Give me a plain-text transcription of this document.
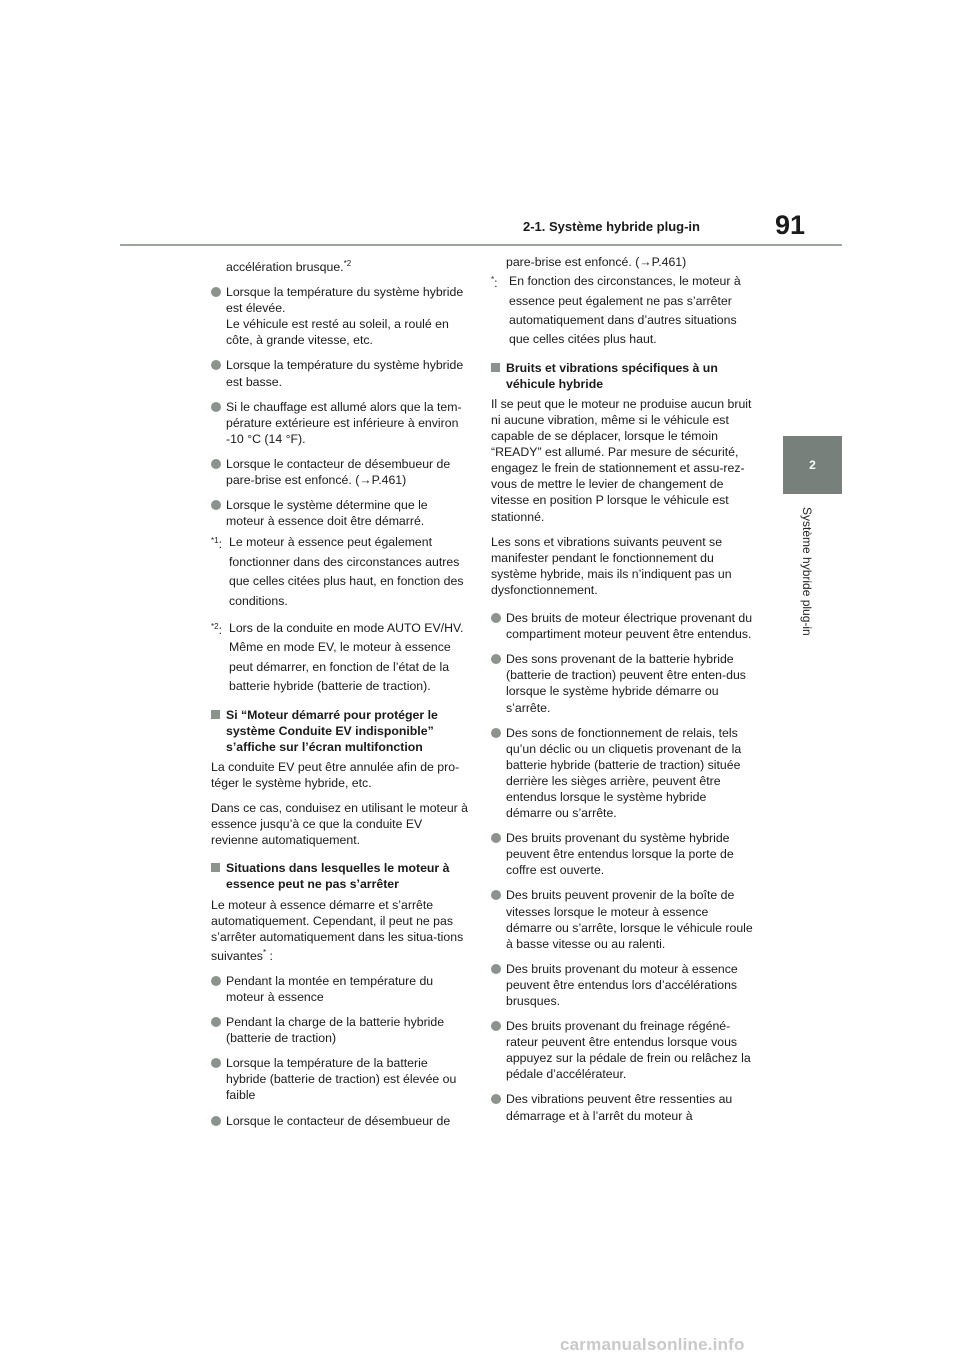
2-1. Système hybride plug-in	91
2
Système hybride plug-in

accélération brusque.$^{*2}$

Lorsque la température du système hybride est élevée.
Le véhicule est resté au soleil, a roulé en côte, à grande vitesse, etc.
Lorsque la température du système hybride est basse.
Si le chauffage est allumé alors que la tem-pérature extérieure est inférieure à environ -10 °C (14 °F).
Lorsque le contacteur de désembueur de pare-brise est enfoncé. (→P.461)
Lorsque le système détermine que le moteur à essence doit être démarré.
$^{*1}$: Le moteur à essence peut également fonctionner dans des circonstances autres que celles citées plus haut, en fonction des conditions.
$^{*2}$: Lors de la conduite en mode AUTO EV/HV. Même en mode EV, le moteur à essence peut démarrer, en fonction de l’état de la batterie hybride (batterie de traction).
Si “Moteur démarré pour protéger le système Conduite EV indisponible” s’affiche sur l’écran multifonction

La conduite EV peut être annulée afin de pro-téger le système hybride, etc.

Dans ce cas, conduisez en utilisant le moteur à essence jusqu’à ce que la conduite EV revienne automatiquement.

Situations dans lesquelles le moteur à essence peut ne pas s’arrêter

Le moteur à essence démarre et s’arrête automatiquement. Cependant, il peut ne pas s’arrêter automatiquement dans les situa-tions suivantes* :

Pendant la montée en température du moteur à essence
Pendant la charge de la batterie hybride (batterie de traction)
Lorsque la température de la batterie hybride (batterie de traction) est élevée ou faible
Lorsque le contacteur de désembueur de

pare-brise est enfoncé. (→P.461)

*: En fonction des circonstances, le moteur à essence peut également ne pas s’arrêter automatiquement dans d’autres situations que celles citées plus haut.
Bruits et vibrations spécifiques à un véhicule hybride

Il se peut que le moteur ne produise aucun bruit ni aucune vibration, même si le véhicule est capable de se déplacer, lorsque le témoin “READY” est allumé. Par mesure de sécurité, engagez le frein de stationnement et assu-rez-vous de mettre le levier de changement de vitesse en position P lorsque le véhicule est stationné.

Les sons et vibrations suivants peuvent se manifester pendant le fonctionnement du système hybride, mais ils n’indiquent pas un dysfonctionnement.

Des bruits de moteur électrique provenant du compartiment moteur peuvent être entendus.
Des sons provenant de la batterie hybride (batterie de traction) peuvent être enten-dus lorsque le système hybride démarre ou s’arrête.
Des sons de fonctionnement de relais, tels qu’un déclic ou un cliquetis provenant de la batterie hybride (batterie de traction) située derrière les sièges arrière, peuvent être entendus lorsque le système hybride démarre ou s’arrête.
Des bruits provenant du système hybride peuvent être entendus lorsque la porte de coffre est ouverte.
Des bruits peuvent provenir de la boîte de vitesses lorsque le moteur à essence démarre ou s’arrête, lorsque le véhicule roule à basse vitesse ou au ralenti.
Des bruits provenant du moteur à essence peuvent être entendus lors d’accélérations brusques.
Des bruits provenant du freinage régéné-rateur peuvent être entendus lorsque vous appuyez sur la pédale de frein ou relâchez la pédale d’accélérateur.
Des vibrations peuvent être ressenties au démarrage et à l’arrêt du moteur à
carmanualsonline.info
